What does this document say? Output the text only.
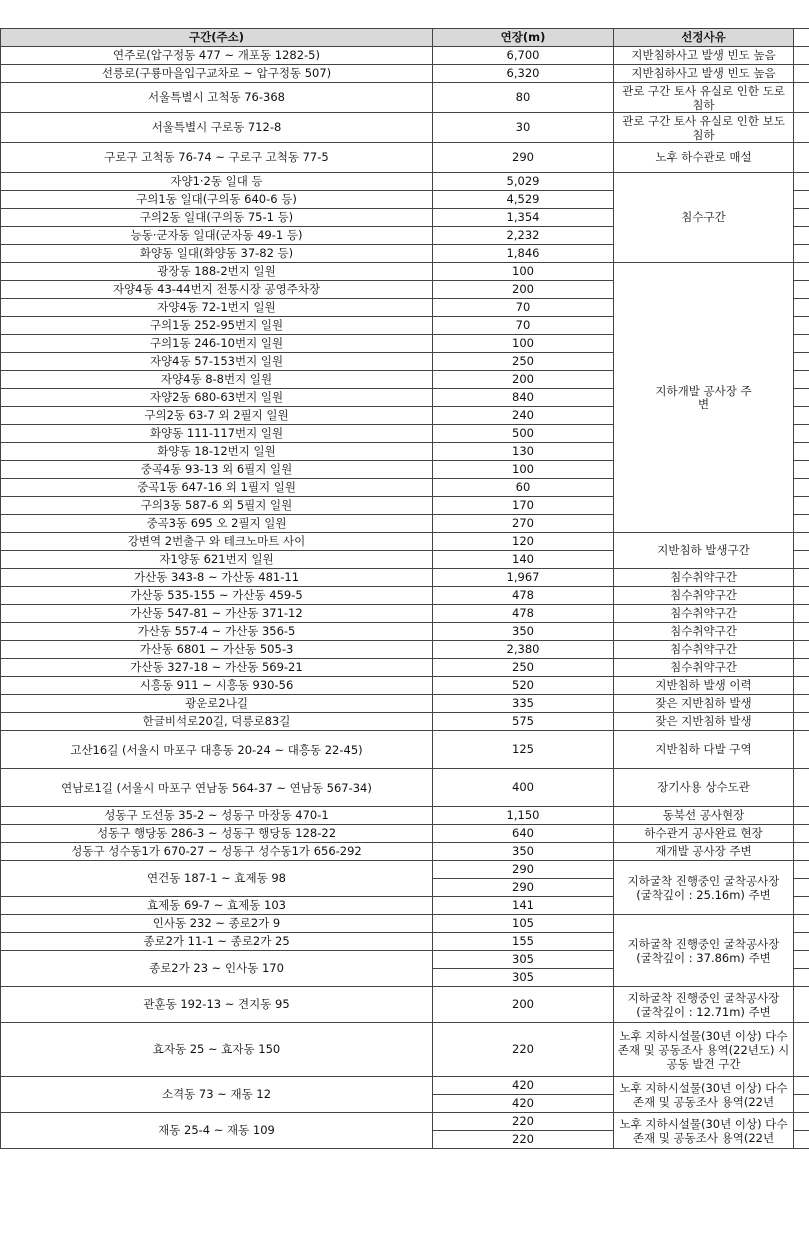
구간(주소)	연장(m)	선정사유	
연주로(압구정동 477 ~ 개포동 1282-5)	6,700	지반침하사고 발생 빈도 높음	
선릉로(구룡마을입구교차로 ~ 압구정동 507)	6,320	지반침하사고 발생 빈도 높음	
서울특별시 고척동 76-368	80	관로 구간 토사 유실로 인한 도로 침하	
서울특별시 구로동 712-8	30	관로 구간 토사 유실로 인한 보도 침하	
구로구 고척동 76-74 ~ 구로구 고척동 77-5	290	노후 하수관로 매설	
자양1·2동 일대 등	5,029	침수구간	
구의1동 일대(구의동 640-6 등)	4,529		
구의2동 일대(구의동 75-1 등)	1,354		
능동·군자동 일대(군자동 49-1 등)	2,232		
화양동 일대(화양동 37-82 등)	1,846		
광장동 188-2번지 일원	100	지하개발 공사장 주변	
자양4동 43-44번지 전통시장 공영주차장	200		
자양4동 72-1번지 일원	70		
구의1동 252-95번지 일원	70		
구의1동 246-10번지 일원	100		
자양4동 57-153번지 일원	250		
자양4동 8-8번지 일원	200		
자양2동 680-63번지 일원	840		
구의2동 63-7 외 2필지 일원	240		
화양동 111-117번지 일원	500		
화양동 18-12번지 일원	130		
중곡4동 93-13 외 6필지 일원	100		
중곡1동 647-16 외 1필지 일원	60		
구의3동 587-6 외 5필지 일원	170		
중곡3동 695 오 2필지 일원	270		
강변역 2번출구 와 테크노마트 사이	120	지반침하 발생구간	
자1양동 621번지 일원	140		
가산동 343-8 ~ 가산동 481-11	1,967	침수취약구간	
가산동 535-155 ~ 가산동 459-5	478	침수취약구간	
가산동 547-81 ~ 가산동 371-12	478	침수취약구간	
가산동 557-4 ~ 가산동 356-5	350	침수취약구간	
가산동 6801 ~ 가산동 505-3	2,380	침수취약구간	
가산동 327-18 ~ 가산동 569-21	250	침수취약구간	
시흥동 911 ~ 시흥동 930-56	520	지반침하 발생 이력	
광운로2나길	335	잦은 지반침하 발생	
한글비석로20길, 덕릉로83길	575	잦은 지반침하 발생	
고산16길 (서울시 마포구 대흥동 20-24 ~ 대흥동 22-45)	125	지반침하 다발 구역	
연남로1길 (서울시 마포구 연남동 564-37 ~ 연남동 567-34)	400	장기사용 상수도관	
성동구 도선동 35-2 ~ 성동구 마장동 470-1	1,150	동북선 공사현장	
성동구 행당동 286-3 ~ 성동구 행당동 128-22	640	하수관거 공사완료 현장	
성동구 성수동1가 670-27 ~ 성동구 성수동1가 656-292	350	재개발 공사장 주변	
연건동 187-1 ~ 효제동 98	290	지하굴착 진행중인 굴착공사장 (굴착깊이 : 25.16m) 주변	
	290		
효제동 69-7 ~ 효제동 103	141		
인사동 232 ~ 종로2가 9	105	지하굴착 진행중인 굴착공사장 (굴착깊이 : 37.86m) 주변	
종로2가 11-1 ~ 종로2가 25	155		
종로2가 23 ~ 인사동 170	305		
	305		
관훈동 192-13 ~ 견지동 95	200	지하굴착 진행중인 굴착공사장 (굴착깊이 : 12.71m) 주변	
효자동 25 ~ 효자동 150	220	노후 지하시설물(30년 이상) 다수 존재 및 공동조사 용역(22년도) 시 공동 발견 구간	
소격동 73 ~ 재동 12	420	노후 지하시설물(30년 이상) 다수 존재 및 공동조사 용역(22년	
	420		
재동 25-4 ~ 재동 109	220	노후 지하시설물(30년 이상) 다수 존재 및 공동조사 용역(22년	
	220		
